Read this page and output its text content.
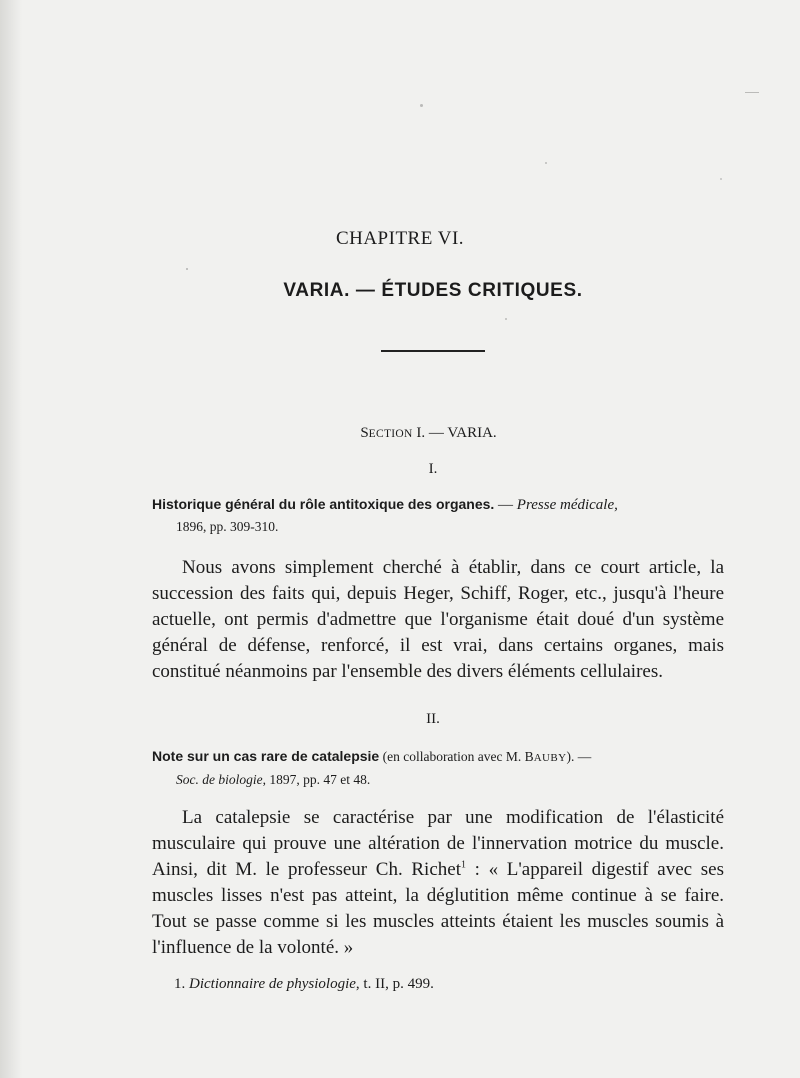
CHAPITRE VI.
VARIA. — ÉTUDES CRITIQUES.
SECTION I. — VARIA.
I.
Historique général du rôle antitoxique des organes. — Presse médicale,
1896, pp. 309-310.
Nous avons simplement cherché à établir, dans ce court article, la succession des faits qui, depuis Heger, Schiff, Roger, etc., jusqu'à l'heure actuelle, ont permis d'admettre que l'organisme était doué d'un système général de défense, renforcé, il est vrai, dans certains organes, mais constitué néanmoins par l'ensemble des divers éléments cellulaires.
II.
Note sur un cas rare de catalepsie (en collaboration avec M. BAUBY). —
Soc. de biologie, 1897, pp. 47 et 48.
La catalepsie se caractérise par une modification de l'élasticité musculaire qui prouve une altération de l'innervation motrice du muscle. Ainsi, dit M. le professeur Ch. Richet$^1$ : « L'appareil digestif avec ses muscles lisses n'est pas atteint, la déglutition même continue à se faire. Tout se passe comme si les muscles atteints étaient les muscles soumis à l'influence de la volonté. »
1. Dictionnaire de physiologie, t. II, p. 499.
